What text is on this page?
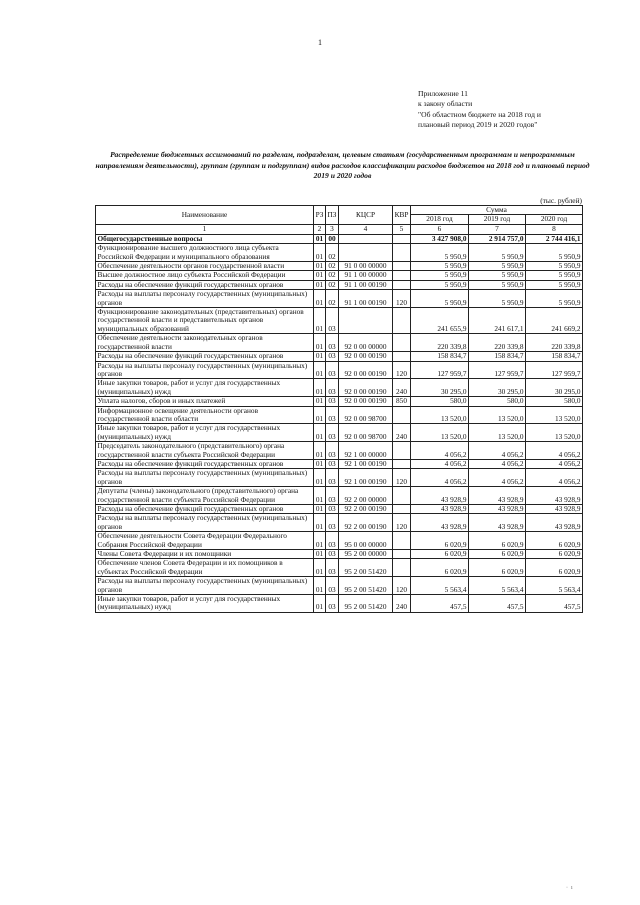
1
Приложение 11
к закону области
"Об областном бюджете на 2018 год и
плановый период 2019 и 2020 годов"
Распределение бюджетных ассигнований по разделам, подразделам, целевым статьям (государственным программам и непрограммным направлениям деятельности), группам (группам и подгруппам) видов расходов классификации расходов бюджетов на 2018 год и плановый период 2019 и 2020 годов
(тыс. рублей)
Наименование	РЗ	ПЗ	КЦСР	КВР	Сумма		
					2018 год	2019 год	2020 год
1	2	3	4	5	6	7	8
Общегосударственные вопросы	01	00			3 427 908,0	2 914 757,0	2 744 416,1
Функционирование высшего должностного лица субъекта Российской Федерации и муниципального образования	01	02			5 950,9	5 950,9	5 950,9
Обеспечение деятельности органов государственной власти	01	02	91 0 00 00000		5 950,9	5 950,9	5 950,9
Высшее должностное лицо субъекта Российской Федерации	01	02	91 1 00 00000		5 950,9	5 950,9	5 950,9
Расходы на обеспечение функций государственных органов	01	02	91 1 00 00190		5 950,9	5 950,9	5 950,9
Расходы на выплаты персоналу государственных (муниципальных) органов	01	02	91 1 00 00190	120	5 950,9	5 950,9	5 950,9
Функционирование законодательных (представительных) органов государственной власти и представительных органов муниципальных образований	01	03			241 655,9	241 617,1	241 669,2
Обеспечение деятельности законодательных органов государственной власти	01	03	92 0 00 00000		220 339,8	220 339,8	220 339,8
Расходы на обеспечение функций государственных органов	01	03	92 0 00 00190		158 834,7	158 834,7	158 834,7
Расходы на выплаты персоналу государственных (муниципальных) органов	01	03	92 0 00 00190	120	127 959,7	127 959,7	127 959,7
Иные закупки товаров, работ и услуг для государственных (муниципальных) нужд	01	03	92 0 00 00190	240	30 295,0	30 295,0	30 295,0
Уплата налогов, сборов и иных платежей	01	03	92 0 00 00190	850	580,0	580,0	580,0
Информационное освещение деятельности органов государственной власти области	01	03	92 0 00 98700		13 520,0	13 520,0	13 520,0
Иные закупки товаров, работ и услуг для государственных (муниципальных) нужд	01	03	92 0 00 98700	240	13 520,0	13 520,0	13 520,0
Председатель законодательного (представительного) органа государственной власти субъекта Российской Федерации	01	03	92 1 00 00000		4 056,2	4 056,2	4 056,2
Расходы на обеспечение функций государственных органов	01	03	92 1 00 00190		4 056,2	4 056,2	4 056,2
Расходы на выплаты персоналу государственных (муниципальных) органов	01	03	92 1 00 00190	120	4 056,2	4 056,2	4 056,2
Депутаты (члены) законодательного (представительного) органа государственной власти субъекта Российской Федерации	01	03	92 2 00 00000		43 928,9	43 928,9	43 928,9
Расходы на обеспечение функций государственных органов	01	03	92 2 00 00190		43 928,9	43 928,9	43 928,9
Расходы на выплаты персоналу государственных (муниципальных) органов	01	03	92 2 00 00190	120	43 928,9	43 928,9	43 928,9
Обеспечение деятельности Совета Федерации Федерального Собрания Российской Федерации	01	03	95 0 00 00000		6 020,9	6 020,9	6 020,9
Члены Совета Федерации и их помощники	01	03	95 2 00 00000		6 020,9	6 020,9	6 020,9
Обеспечение членов Совета Федерации и их помощников в субъектах Российской Федерации	01	03	95 2 00 51420		6 020,9	6 020,9	6 020,9
Расходы на выплаты персоналу государственных (муниципальных) органов	01	03	95 2 00 51420	120	5 563,4	5 563,4	5 563,4
Иные закупки товаров, работ и услуг для государственных (муниципальных) нужд	01	03	95 2 00 51420	240	457,5	457,5	457,5
·  ı
